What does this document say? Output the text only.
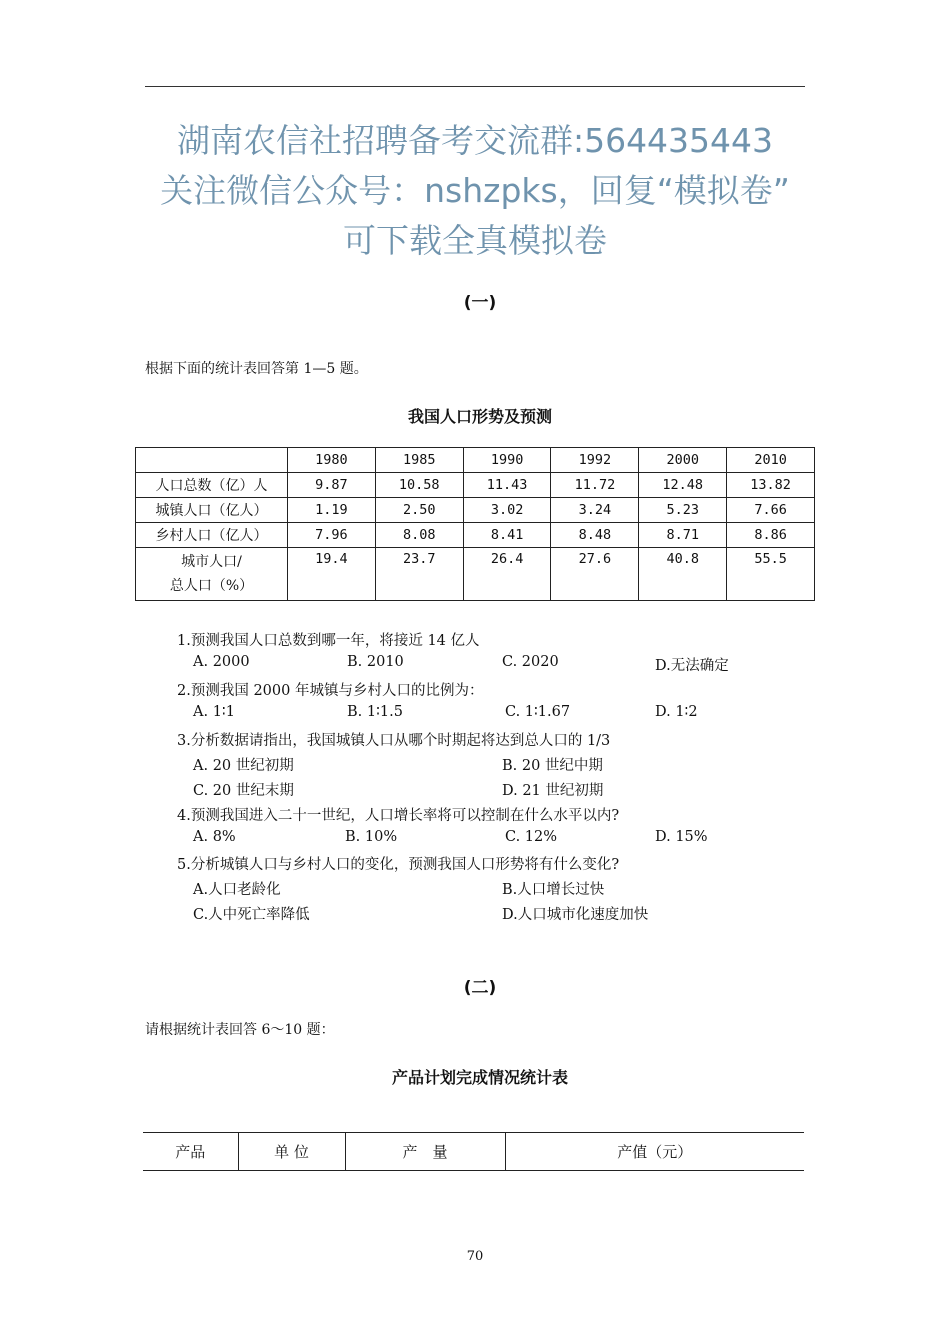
湖南农信社招聘备考交流群:564435443
关注微信公众号：nshzpks，回复“模拟卷”
可下载全真模拟卷
(一)
根据下面的统计表回答第 1—5 题。
我国人口形势及预测
	1980	1985	1990	1992	2000	2010
人口总数（亿）人	9.87	10.58	11.43	11.72	12.48	13.82
城镇人口（亿人）	1.19	2.50	3.02	3.24	5.23	7.66
乡村人口（亿人）	7.96	8.08	8.41	8.48	8.71	8.86

城市人口/
总人口（%）	19.4	23.7	26.4	27.6	40.8	55.5
1.预测我国人口总数到哪一年，将接近 14 亿人
A. 2000	B. 2010	C. 2020	D.无法确定
2.预测我国 2000 年城镇与乡村人口的比例为：
A. 1∶1	B. 1∶1.5	C. 1∶1.67	D. 1∶2
3.分析数据请指出，我国城镇人口从哪个时期起将达到总人口的 1/3
A. 20 世纪初期	B. 20 世纪中期
C. 20 世纪末期	D. 21 世纪初期
4.预测我国进入二十一世纪，人口增长率将可以控制在什么水平以内?
A. 8%	B. 10%	C. 12%	D. 15%
5.分析城镇人口与乡村人口的变化，预测我国人口形势将有什么变化?
A.人口老龄化	B.人口增长过快
C.人中死亡率降低	D.人口城市化速度加快
(二)
请根据统计表回答 6～10 题：
产品计划完成情况统计表
产品	单 位	产　量	产值（元）
70
